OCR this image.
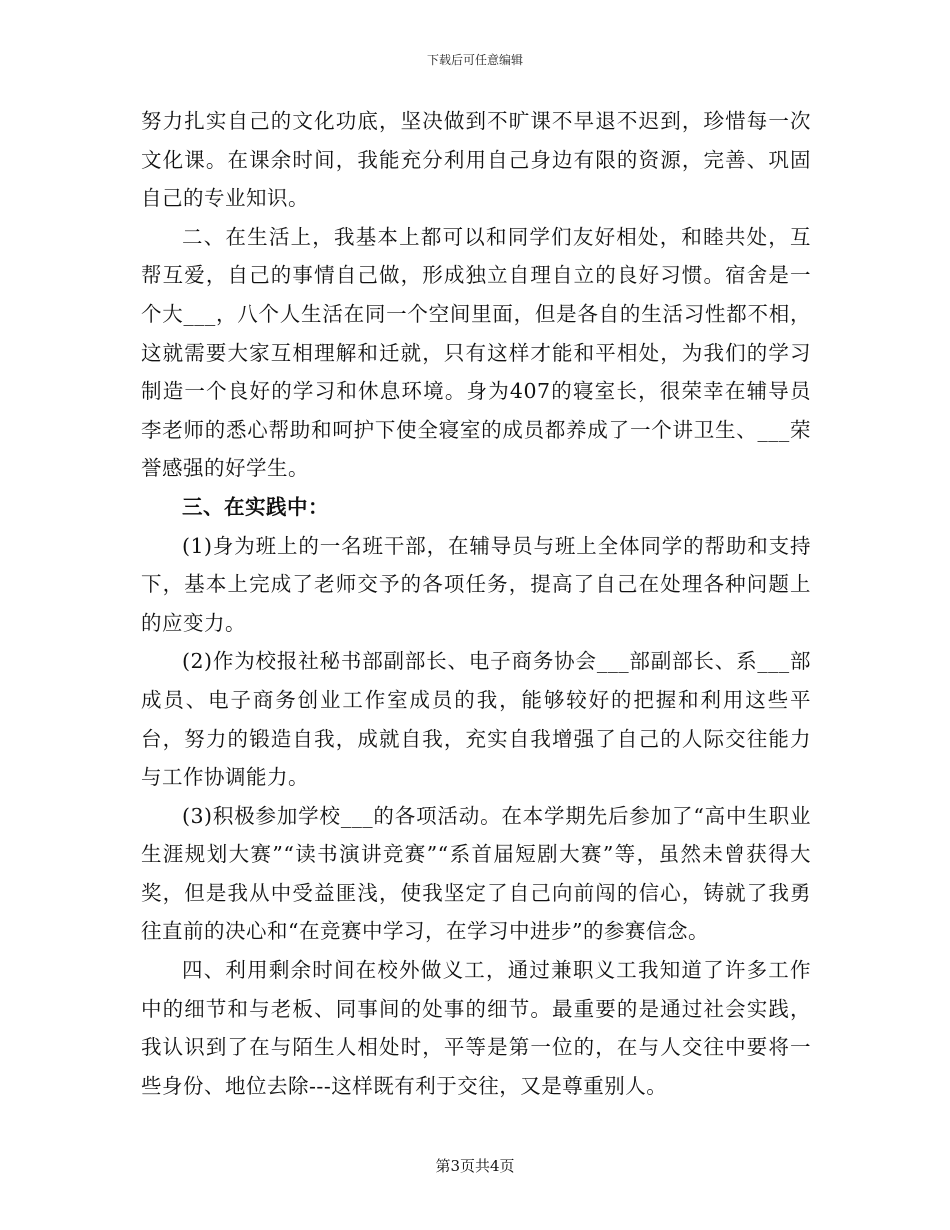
下载后可任意编辑

努力扎实自己的文化功底，坚决做到不旷课不早退不迟到，珍惜每一次文化课。在课余时间，我能充分利用自己身边有限的资源，完善、巩固自己的专业知识。

二、在生活上，我基本上都可以和同学们友好相处，和睦共处，互帮互爱，自己的事情自己做，形成独立自理自立的良好习惯。宿舍是一个大___，八个人生活在同一个空间里面，但是各自的生活习性都不相，这就需要大家互相理解和迁就，只有这样才能和平相处，为我们的学习制造一个良好的学习和休息环境。身为407的寝室长，很荣幸在辅导员李老师的悉心帮助和呵护下使全寝室的成员都养成了一个讲卫生、___荣誉感强的好学生。

三、在实践中：

(1)身为班上的一名班干部，在辅导员与班上全体同学的帮助和支持下，基本上完成了老师交予的各项任务，提高了自己在处理各种问题上的应变力。

(2)作为校报社秘书部副部长、电子商务协会___部副部长、系___部成员、电子商务创业工作室成员的我，能够较好的把握和利用这些平台，努力的锻造自我，成就自我，充实自我增强了自己的人际交往能力与工作协调能力。

(3)积极参加学校___的各项活动。在本学期先后参加了“高中生职业生涯规划大赛”“读书演讲竞赛”“系首届短剧大赛”等，虽然未曾获得大奖，但是我从中受益匪浅，使我坚定了自己向前闯的信心，铸就了我勇往直前的决心和“在竞赛中学习，在学习中进步”的参赛信念。

四、利用剩余时间在校外做义工，通过兼职义工我知道了许多工作中的细节和与老板、同事间的处事的细节。最重要的是通过社会实践，我认识到了在与陌生人相处时，平等是第一位的，在与人交往中要将一些身份、地位去除---这样既有利于交往，又是尊重别人。

第3页共4页
